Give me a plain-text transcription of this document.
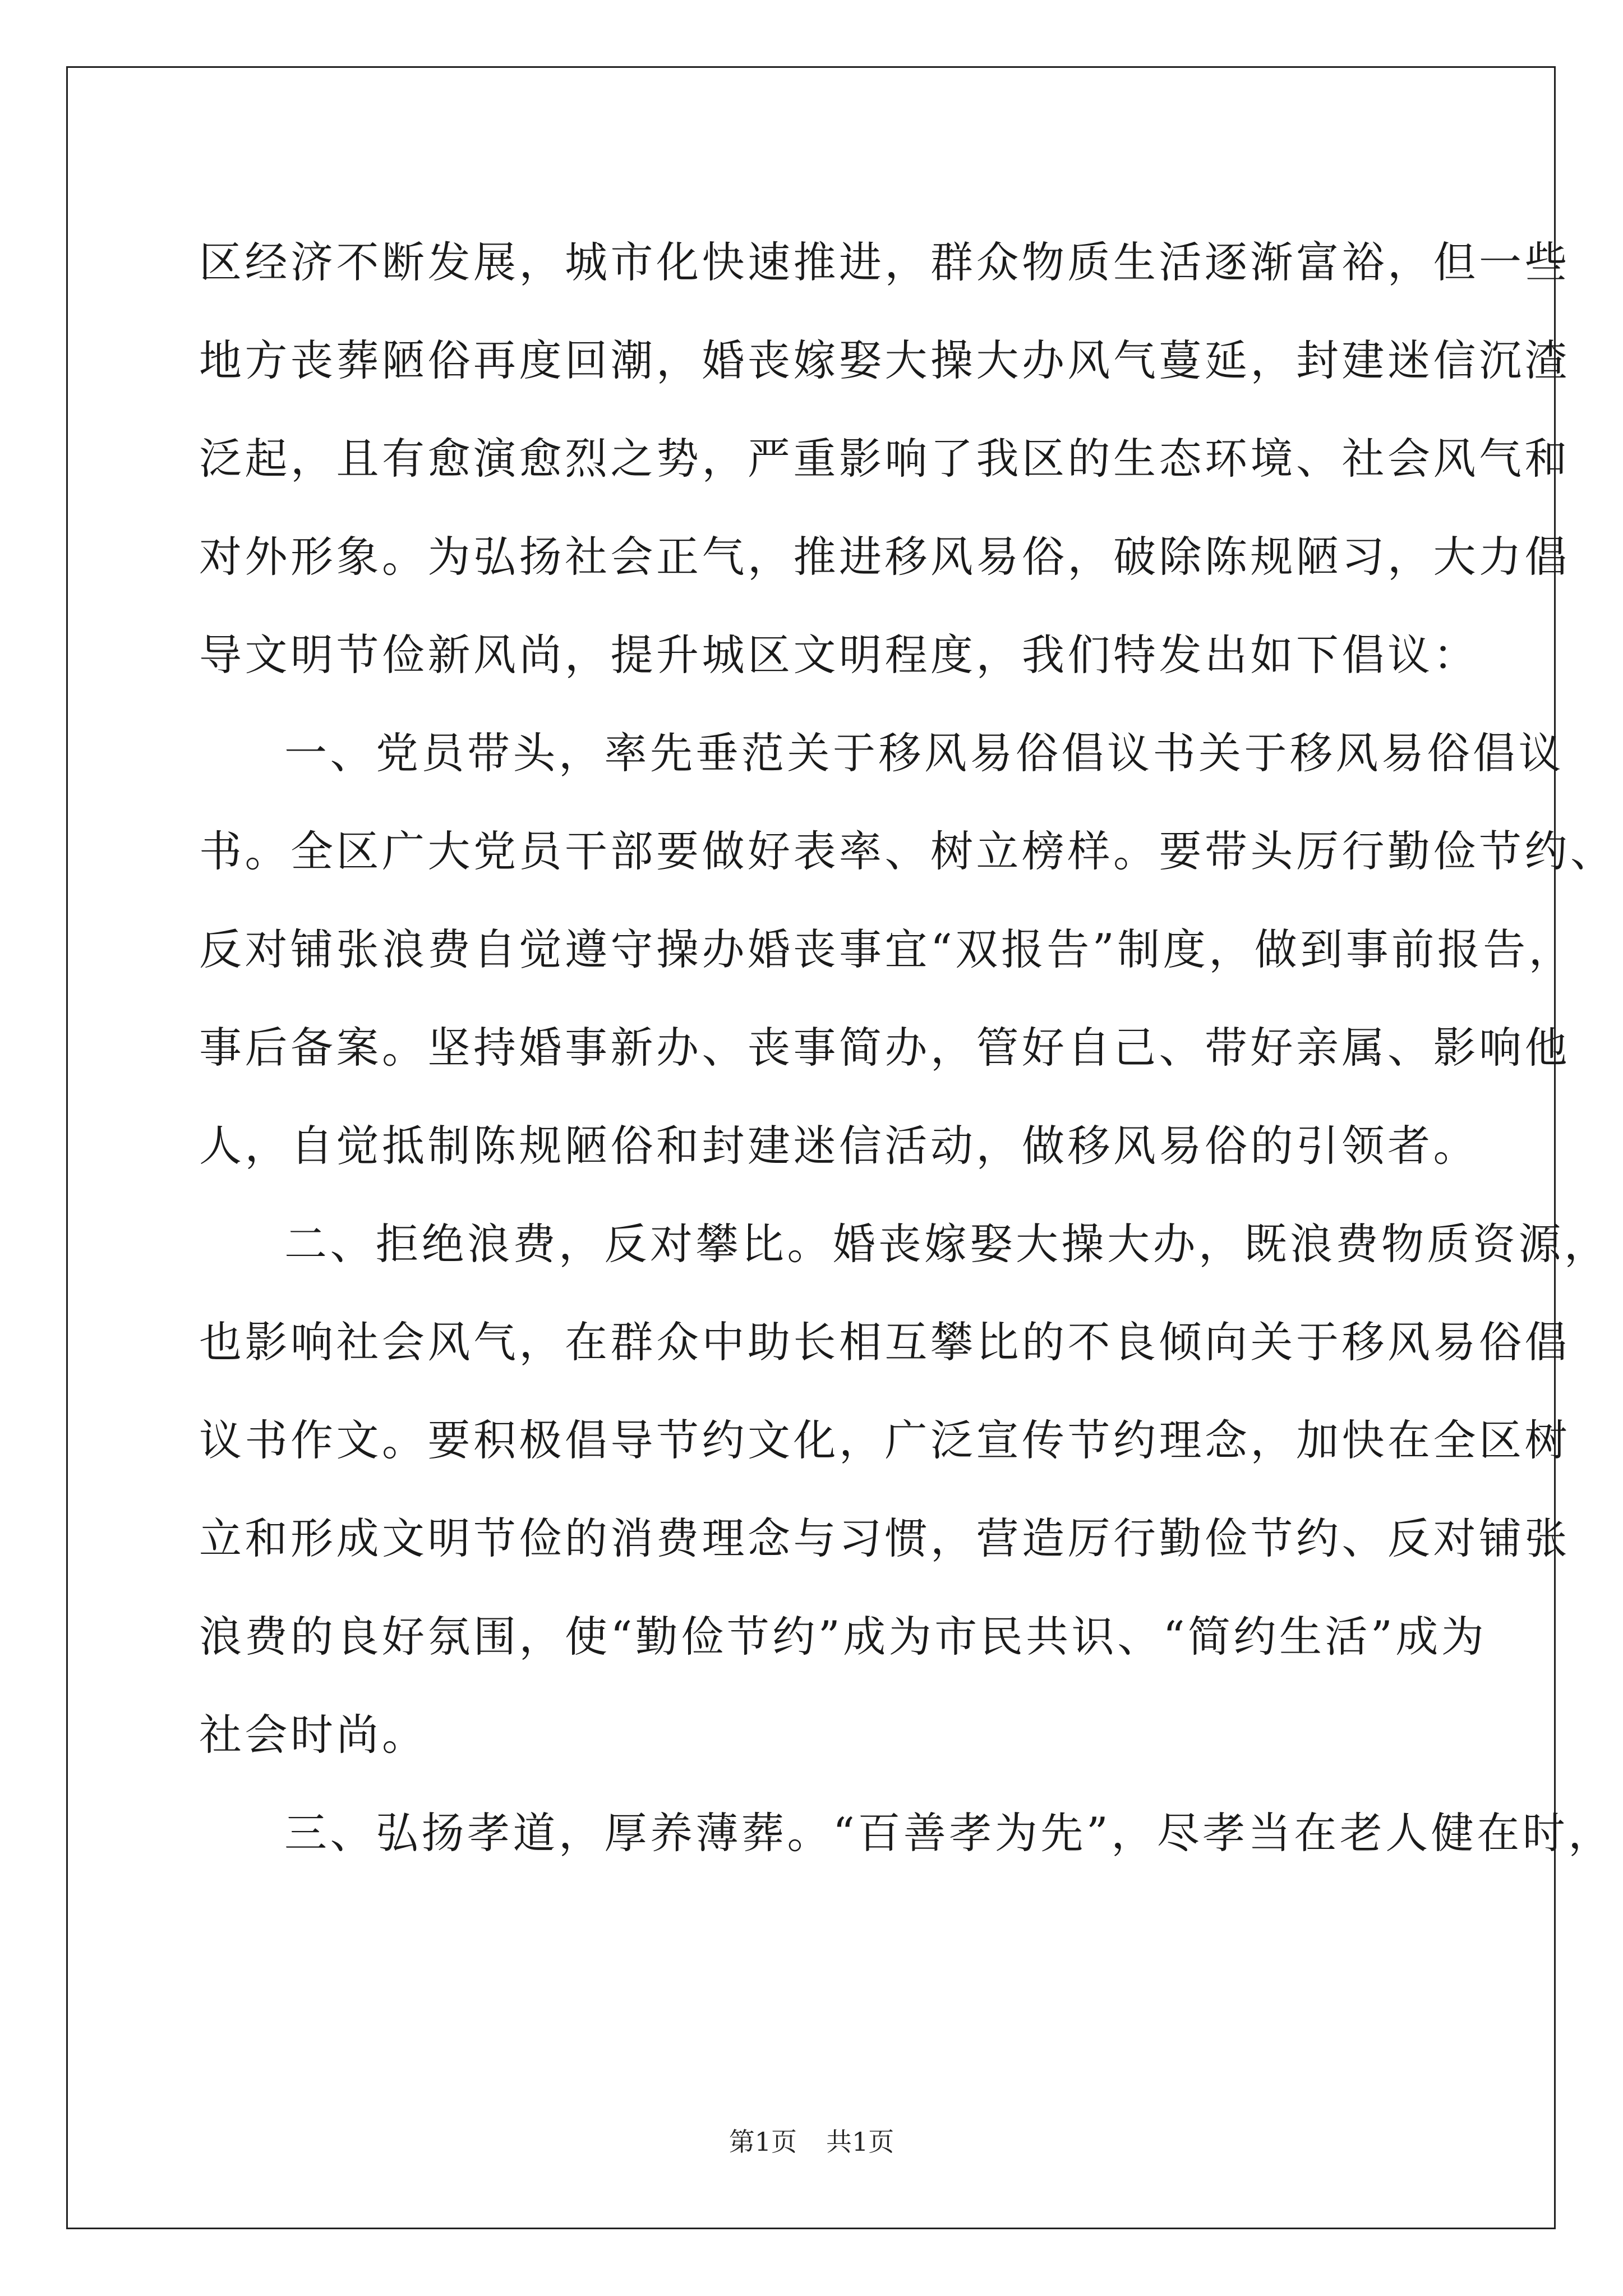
区经济不断发展，城市化快速推进，群众物质生活逐渐富裕，但一些
地方丧葬陋俗再度回潮，婚丧嫁娶大操大办风气蔓延，封建迷信沉渣
泛起，且有愈演愈烈之势，严重影响了我区的生态环境、社会风气和
对外形象。为弘扬社会正气，推进移风易俗，破除陈规陋习，大力倡
导文明节俭新风尚，提升城区文明程度，我们特发出如下倡议：
一、党员带头，率先垂范关于移风易俗倡议书关于移风易俗倡议
书。全区广大党员干部要做好表率、树立榜样。要带头厉行勤俭节约、
反对铺张浪费自觉遵守操办婚丧事宜“双报告”制度，做到事前报告，
事后备案。坚持婚事新办、丧事简办，管好自己、带好亲属、影响他
人，自觉抵制陈规陋俗和封建迷信活动，做移风易俗的引领者。
二、拒绝浪费，反对攀比。婚丧嫁娶大操大办，既浪费物质资源，
也影响社会风气，在群众中助长相互攀比的不良倾向关于移风易俗倡
议书作文。要积极倡导节约文化，广泛宣传节约理念，加快在全区树
立和形成文明节俭的消费理念与习惯，营造厉行勤俭节约、反对铺张
浪费的良好氛围，使“勤俭节约”成为市民共识、“简约生活”成为
社会时尚。
三、弘扬孝道，厚养薄葬。“百善孝为先”，尽孝当在老人健在时，
第1页 共1页
